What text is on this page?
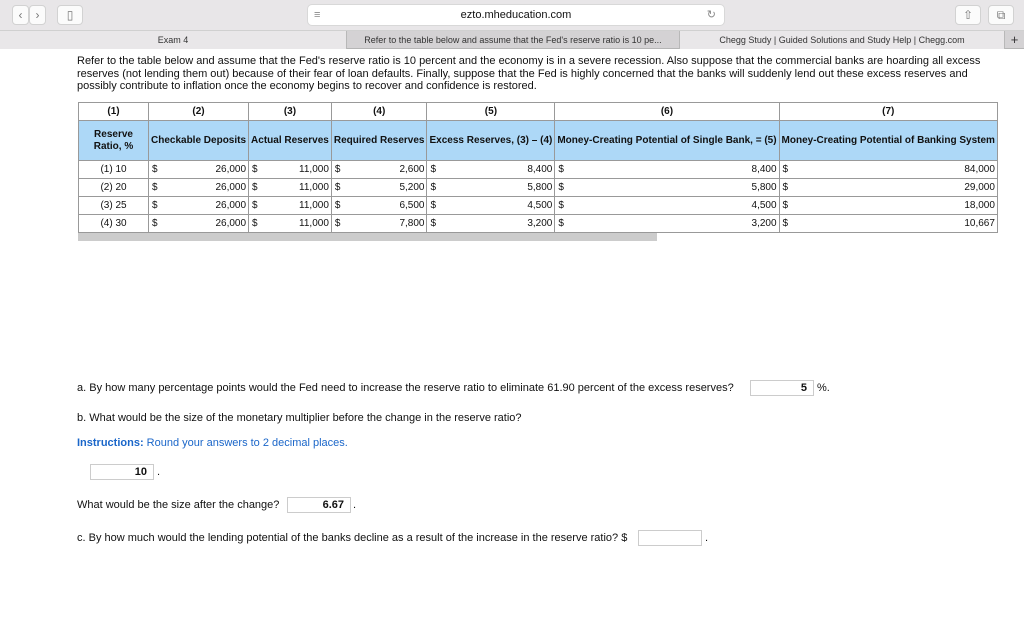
‹	›	▯	≡	ezto.mheducation.com	↻	⇧	⧉
Exam 4	Refer to the table below and assume that the Fed's reserve ratio is 10 pe...	Chegg Study | Guided Solutions and Study Help | Chegg.com	+
Refer to the table below and assume that the Fed's reserve ratio is 10 percent and the economy is in a severe recession. Also suppose that the commercial banks are hoarding all excess reserves (not lending them out) because of their fear of loan defaults. Finally, suppose that the Fed is highly concerned that the banks will suddenly lend out these excess reserves and possibly contribute to inflation once the economy begins to recover and confidence is restored.
(1)	(2)		(3)		(4)		(5)		(6)		(7)	
Reserve Ratio, %	Checkable Deposits		Actual Reserves		Required Reserves		Excess Reserves, (3) – (4)		Money-Creating Potential of Single Bank, = (5)		Money-Creating Potential of Banking System	
(1) 10	$	26,000	$	11,000	$	2,600	$	8,400	$	8,400	$	84,000
(2) 20	$	26,000	$	11,000	$	5,200	$	5,800	$	5,800	$	29,000
(3) 25	$	26,000	$	11,000	$	6,500	$	4,500	$	4,500	$	18,000
(4) 30	$	26,000	$	11,000	$	7,800	$	3,200	$	3,200	$	10,667
a. By how many percentage points would the Fed need to increase the reserve ratio to eliminate 61.90 percent of the excess reserves?	5 %.
b. What would be the size of the monetary multiplier before the change in the reserve ratio?
Instructions: Round your answers to 2 decimal places.
10 .
What would be the size after the change?	6.67 .
c. By how much would the lending potential of the banks decline as a result of the increase in the reserve ratio? $	.
